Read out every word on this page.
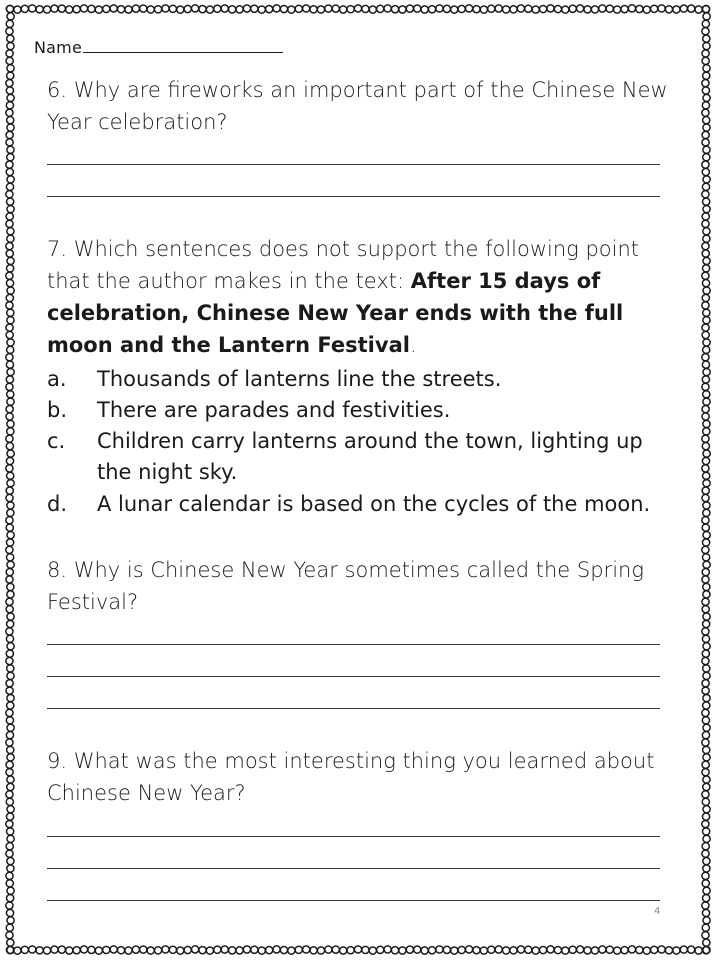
Name
6. Why are fireworks an important part of the Chinese New Year celebration?
7. Which sentences does not support the following point that the author makes in the text: After 15 days of celebration, Chinese New Year ends with the full moon and the Lantern Festival.
a. Thousands of lanterns line the streets.
b. There are parades and festivities.
c. Children carry lanterns around the town, lighting up the night sky.
d. A lunar calendar is based on the cycles of the moon.
8. Why is Chinese New Year sometimes called the Spring Festival?
9. What was the most interesting thing you learned about Chinese New Year?
4
